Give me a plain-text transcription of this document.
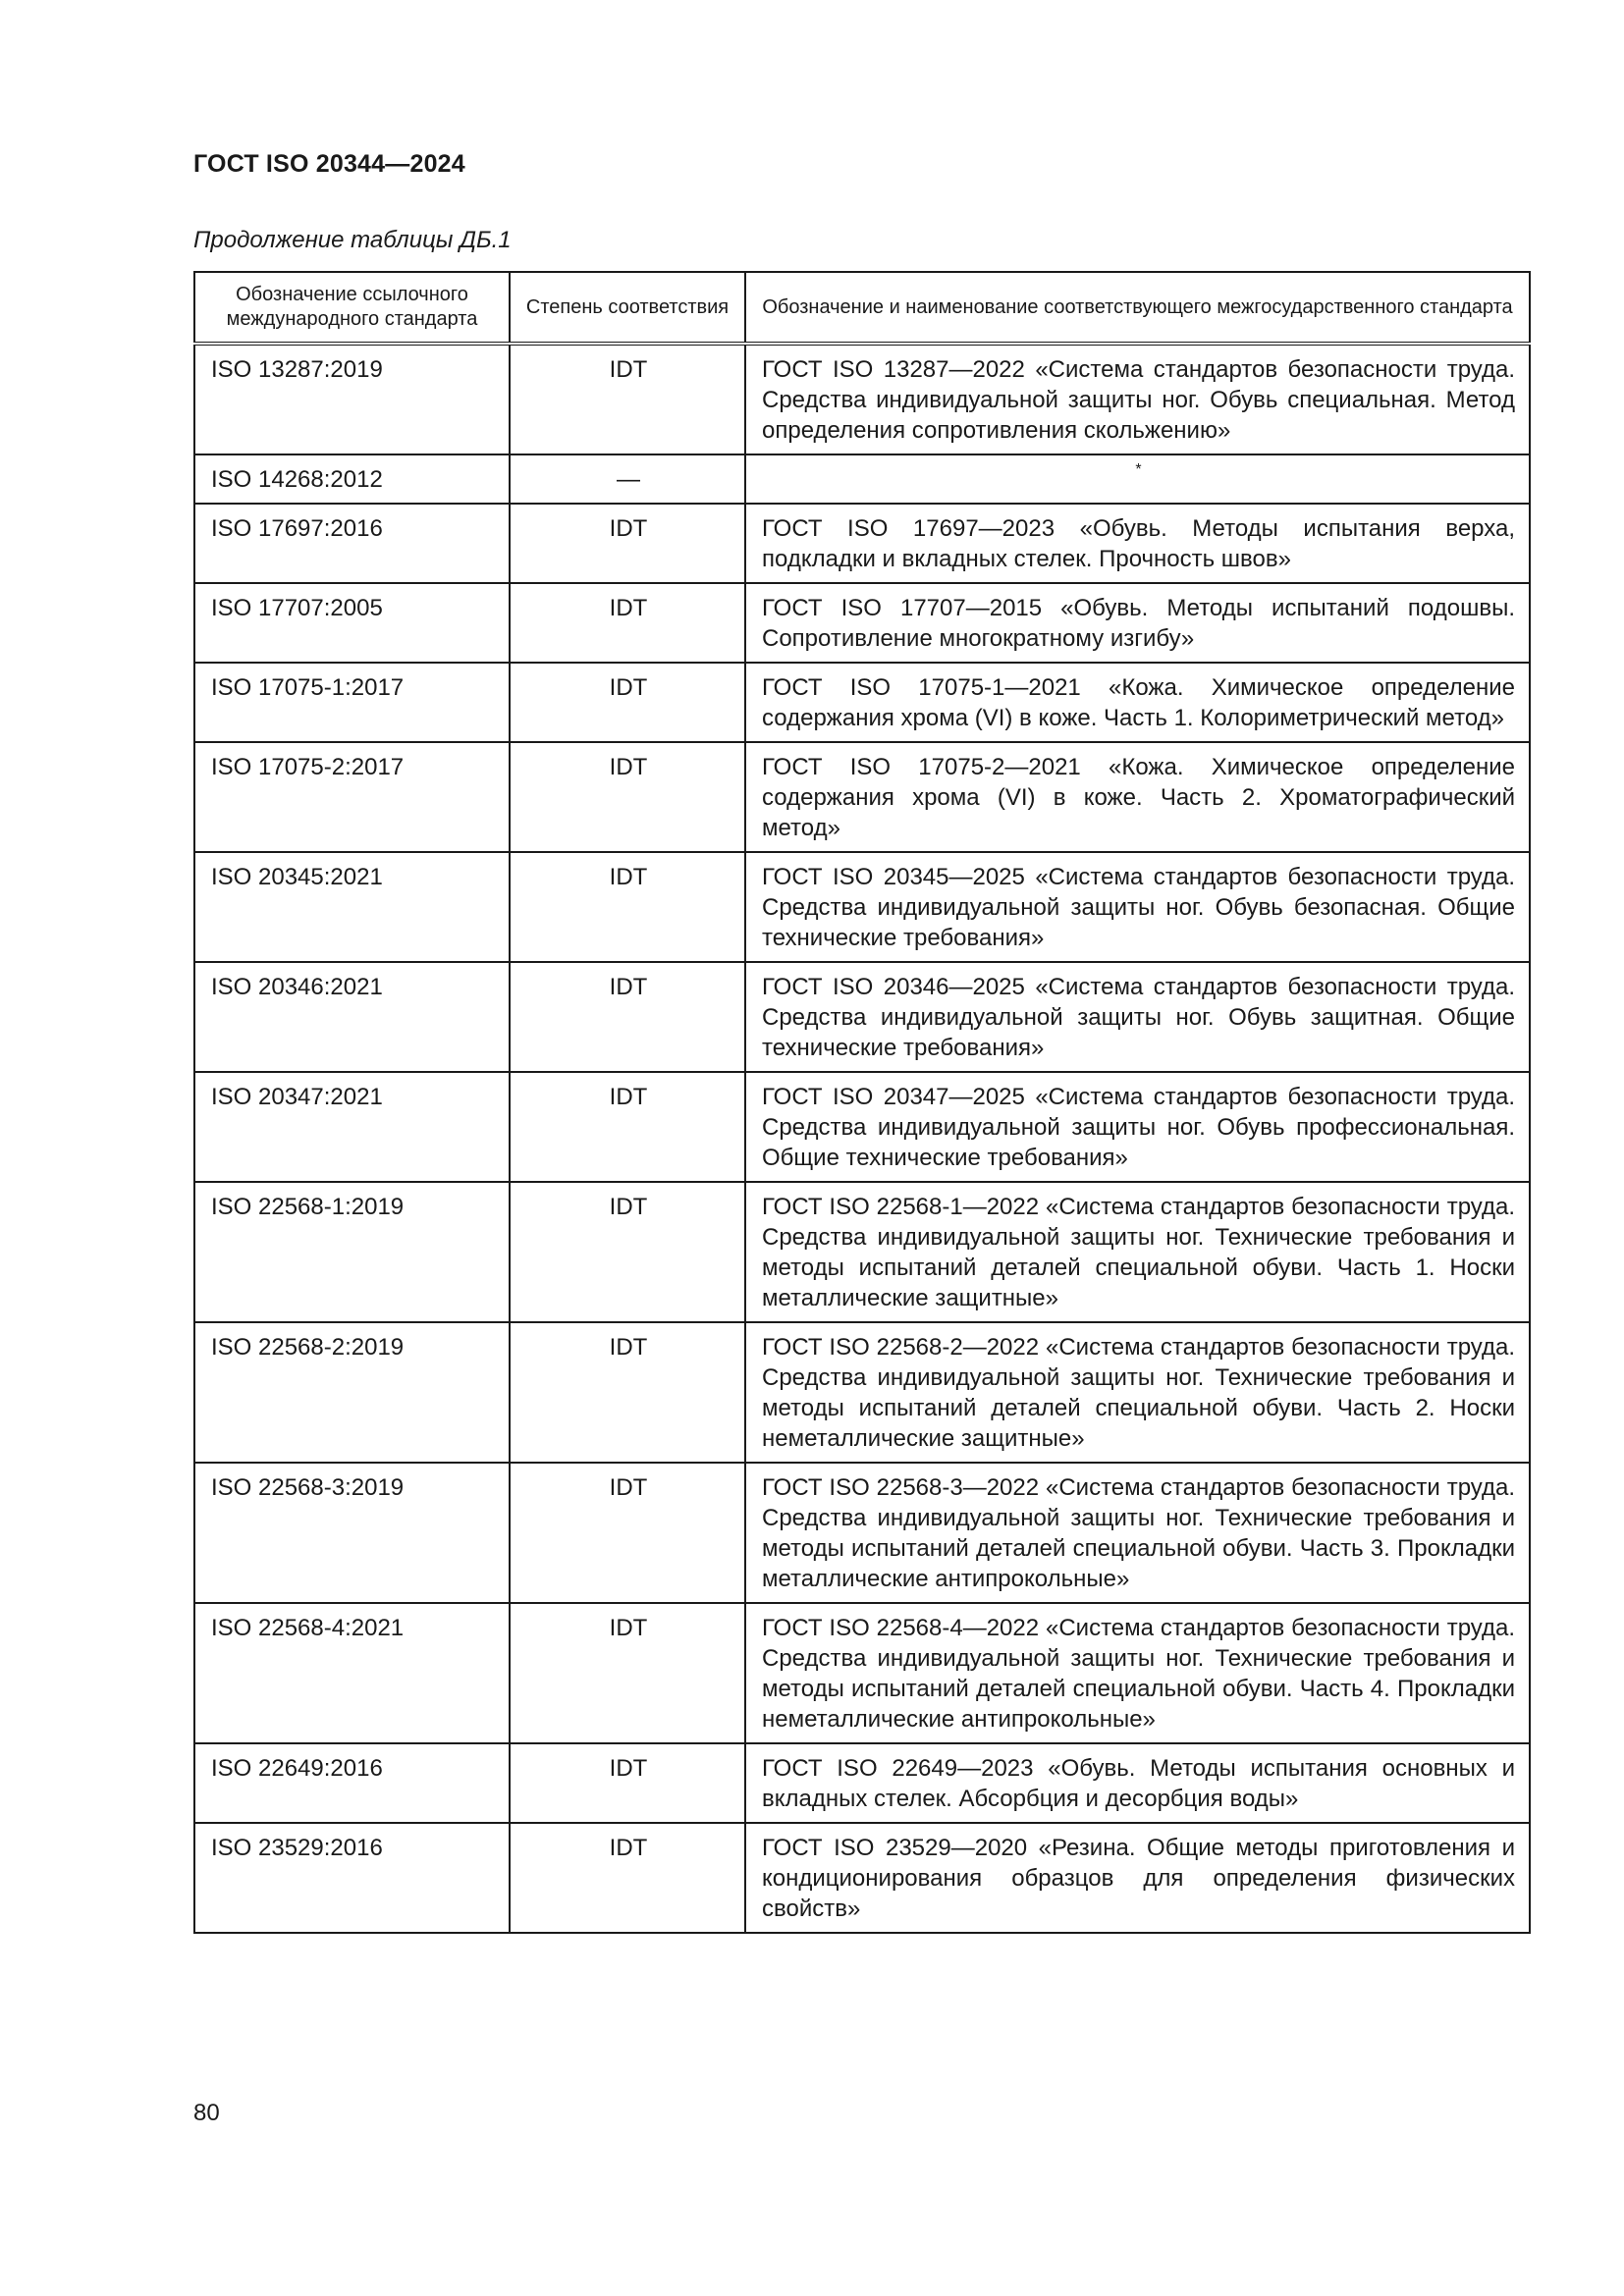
ГОСТ ISO 20344—2024
Продолжение таблицы ДБ.1
Обозначение ссылочного международного стандарта	Степень соответствия	Обозначение и наименование соответствующего межгосударственного стандарта
ISO 13287:2019	IDT	ГОСТ ISO 13287—2022 «Система стандартов безопасности труда. Средства индивидуальной защиты ног. Обувь специальная. Метод определения сопротивления скольжению»
ISO 14268:2012	—	*
ISO 17697:2016	IDT	ГОСТ ISO 17697—2023 «Обувь. Методы испытания верха, подкладки и вкладных стелек. Прочность швов»
ISO 17707:2005	IDT	ГОСТ ISO 17707—2015 «Обувь. Методы испытаний подошвы. Сопротивление многократному изгибу»
ISO 17075-1:2017	IDT	ГОСТ ISO 17075-1—2021 «Кожа. Химическое определение содержания хрома (VI) в коже. Часть 1. Колориметрический метод»
ISO 17075-2:2017	IDT	ГОСТ ISO 17075-2—2021 «Кожа. Химическое определение содержания хрома (VI) в коже. Часть 2. Хроматографический метод»
ISO 20345:2021	IDT	ГОСТ ISO 20345—2025 «Система стандартов безопасности труда. Средства индивидуальной защиты ног. Обувь безопасная. Общие технические требования»
ISO 20346:2021	IDT	ГОСТ ISO 20346—2025 «Система стандартов безопасности труда. Средства индивидуальной защиты ног. Обувь защитная. Общие технические требования»
ISO 20347:2021	IDT	ГОСТ ISO 20347—2025 «Система стандартов безопасности труда. Средства индивидуальной защиты ног. Обувь профессиональная. Общие технические требования»
ISO 22568-1:2019	IDT	ГОСТ ISO 22568-1—2022 «Система стандартов безопасности труда. Средства индивидуальной защиты ног. Технические требования и методы испытаний деталей специальной обуви. Часть 1. Носки металлические защитные»
ISO 22568-2:2019	IDT	ГОСТ ISO 22568-2—2022 «Система стандартов безопасности труда. Средства индивидуальной защиты ног. Технические требования и методы испытаний деталей специальной обуви. Часть 2. Носки неметаллические защитные»
ISO 22568-3:2019	IDT	ГОСТ ISO 22568-3—2022 «Система стандартов безопасности труда. Средства индивидуальной защиты ног. Технические требования и методы испытаний деталей специальной обуви. Часть 3. Прокладки металлические антипрокольные»
ISO 22568-4:2021	IDT	ГОСТ ISO 22568-4—2022 «Система стандартов безопасности труда. Средства индивидуальной защиты ног. Технические требования и методы испытаний деталей специальной обуви. Часть 4. Прокладки неметаллические антипрокольные»
ISO 22649:2016	IDT	ГОСТ ISO 22649—2023 «Обувь. Методы испытания основных и вкладных стелек. Абсорбция и десорбция воды»
ISO 23529:2016	IDT	ГОСТ ISO 23529—2020 «Резина. Общие методы приготовления и кондиционирования образцов для определения физических свойств»
80
